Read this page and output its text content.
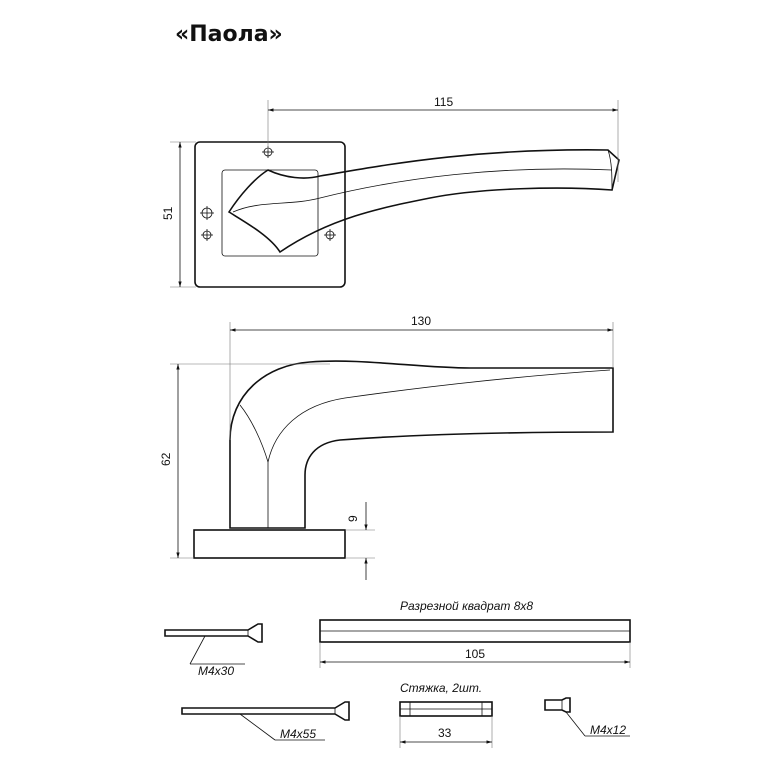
«Паола»
115
51
130
62
9
Разрезной квадрат 8x8
105
M4x30
M4x55
Стяжка, 2шт.
33	M4x12
